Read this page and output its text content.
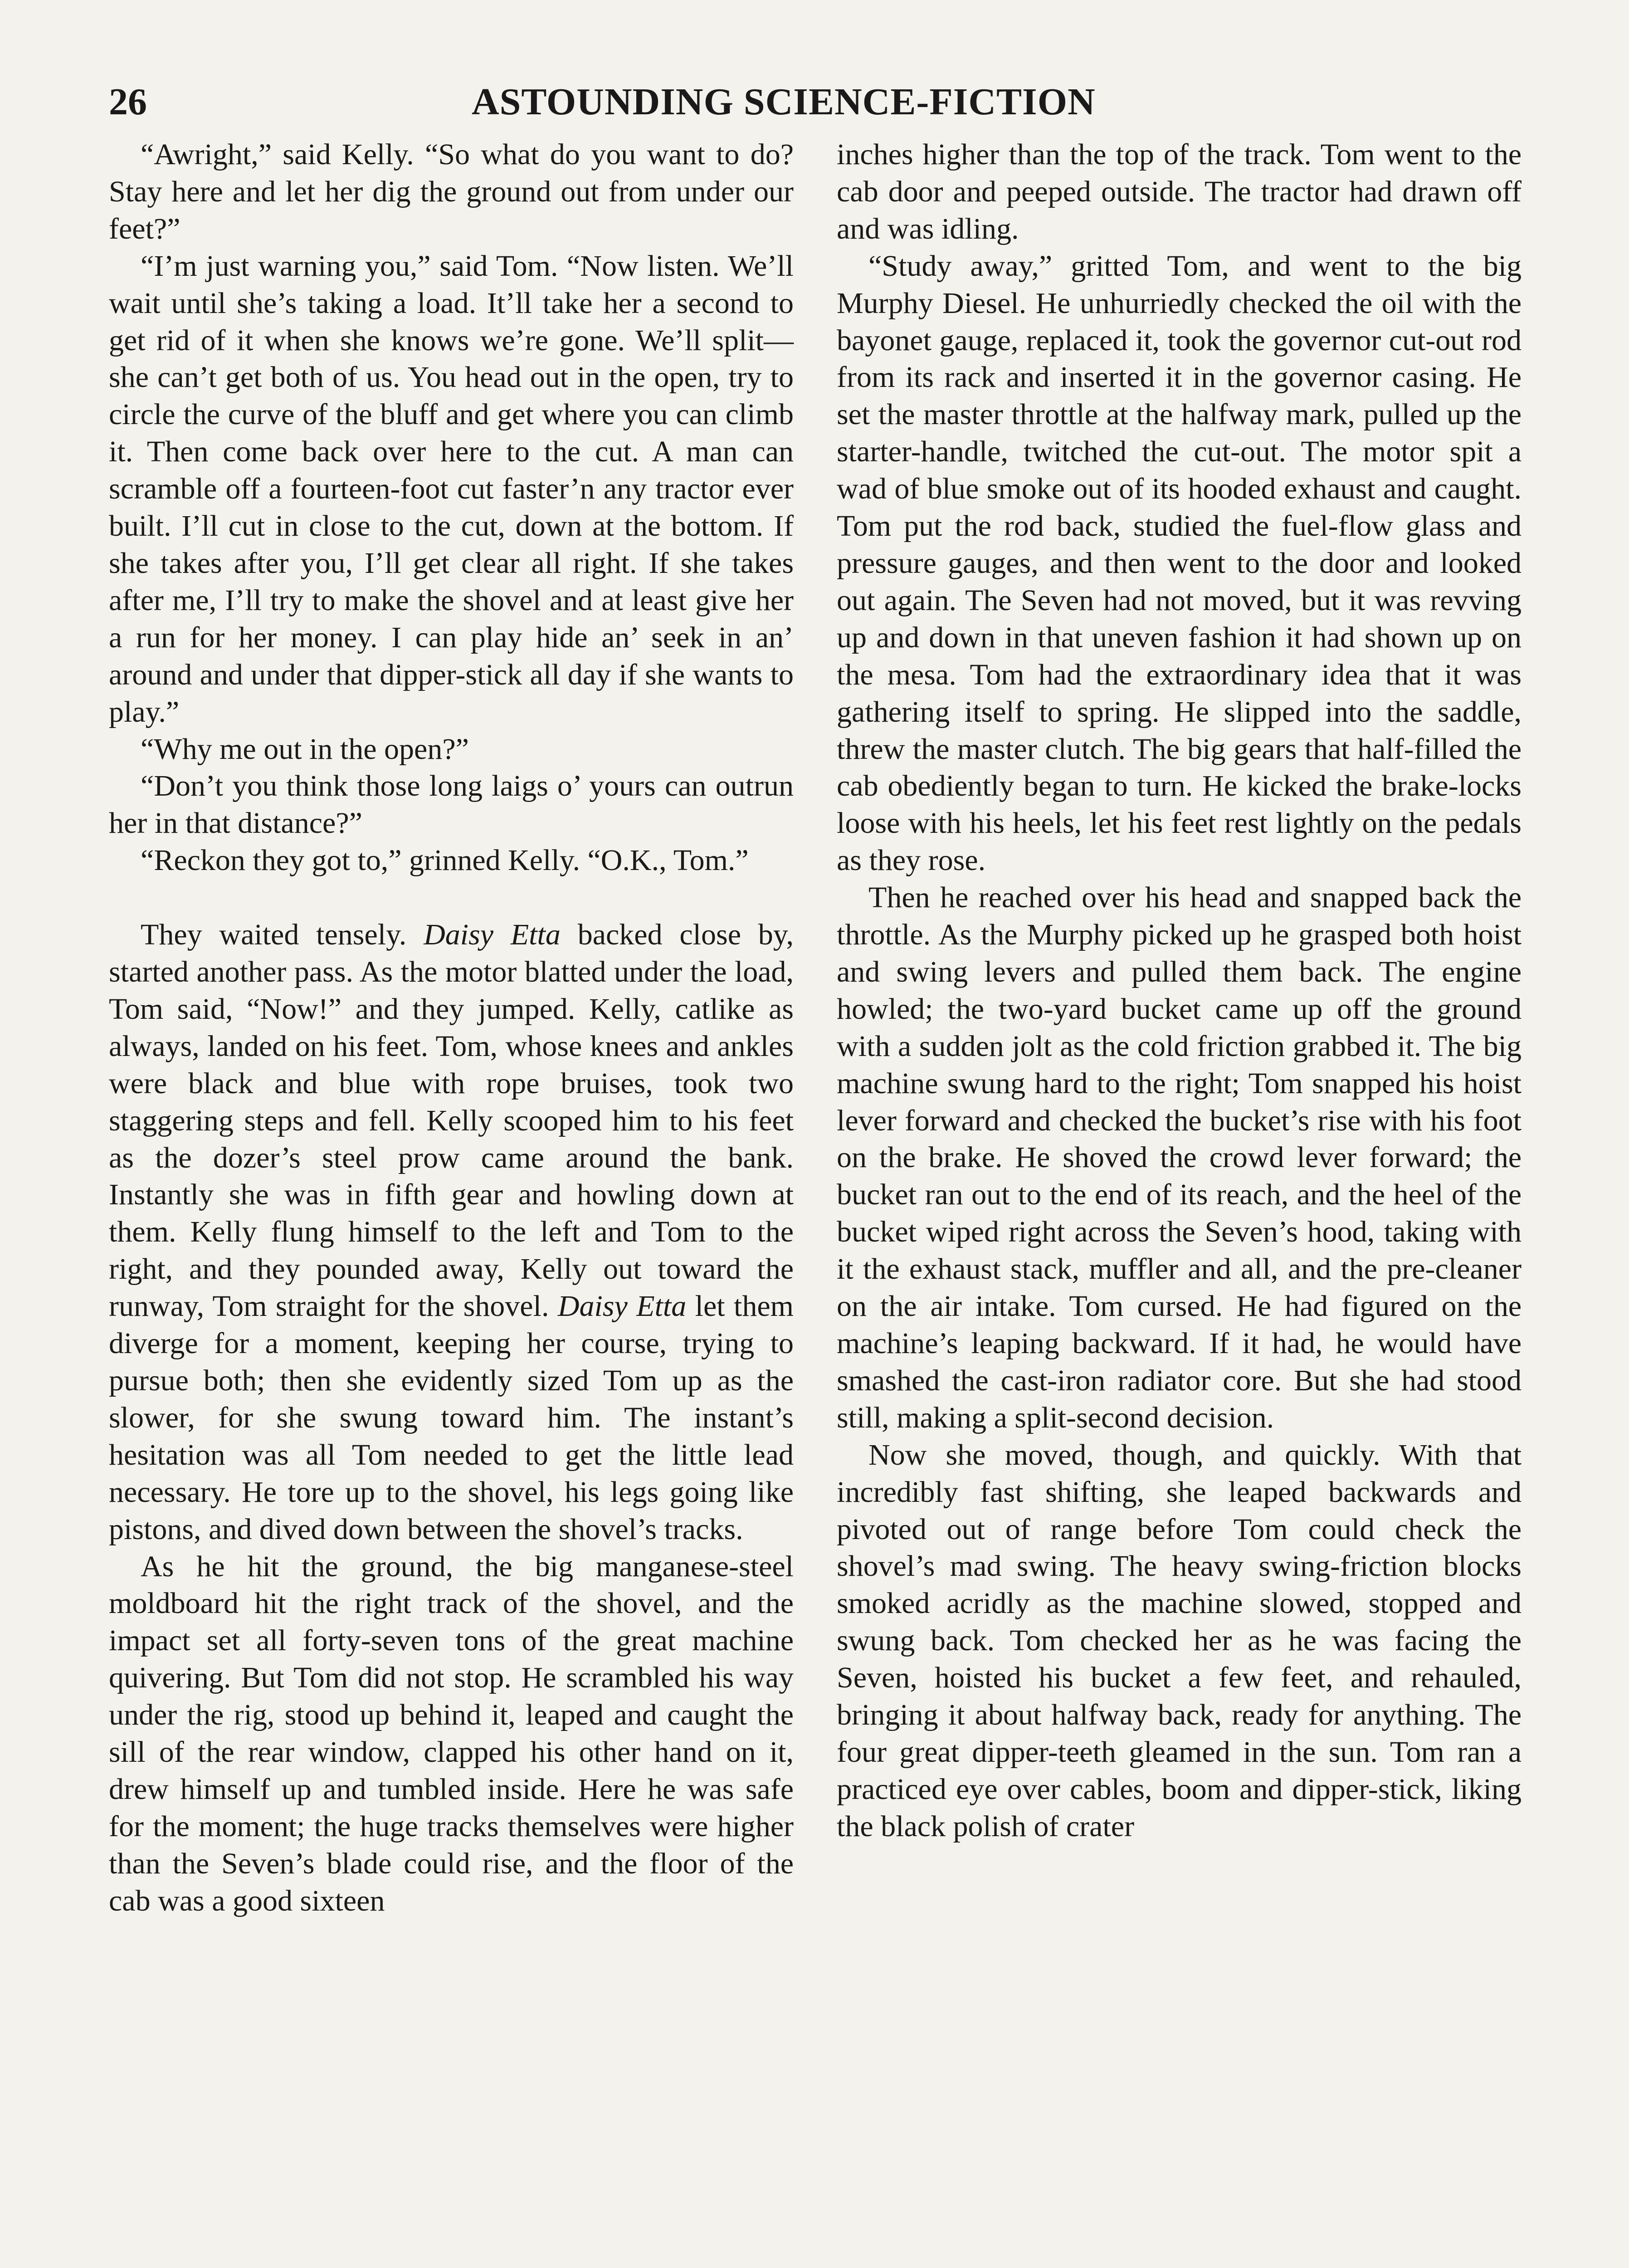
26	ASTOUNDING SCIENCE-FICTION

“Awright,” said Kelly. “So what do you want to do? Stay here and let her dig the ground out from under our feet?”

“I’m just warning you,” said Tom. “Now listen. We’ll wait until she’s taking a load. It’ll take her a second to get rid of it when she knows we’re gone. We’ll split—she can’t get both of us. You head out in the open, try to circle the curve of the bluff and get where you can climb it. Then come back over here to the cut. A man can scramble off a fourteen-foot cut faster’n any tractor ever built. I’ll cut in close to the cut, down at the bottom. If she takes after you, I’ll get clear all right. If she takes after me, I’ll try to make the shovel and at least give her a run for her money. I can play hide an’ seek in an’ around and under that dipper-stick all day if she wants to play.”

“Why me out in the open?”

“Don’t you think those long laigs o’ yours can outrun her in that distance?”

“Reckon they got to,” grinned Kelly. “O.K., Tom.”

They waited tensely. Daisy Etta backed close by, started another pass. As the motor blatted under the load, Tom said, “Now!” and they jumped. Kelly, catlike as always, landed on his feet. Tom, whose knees and ankles were black and blue with rope bruises, took two staggering steps and fell. Kelly scooped him to his feet as the dozer’s steel prow came around the bank. Instantly she was in fifth gear and howling down at them. Kelly flung himself to the left and Tom to the right, and they pounded away, Kelly out toward the runway, Tom straight for the shovel. Daisy Etta let them diverge for a moment, keeping her course, trying to pursue both; then she evidently sized Tom up as the slower, for she swung toward him. The instant’s hesitation was all Tom needed to get the little lead necessary. He tore up to the shovel, his legs going like pistons, and dived down between the shovel’s tracks.

As he hit the ground, the big manganese-steel moldboard hit the right track of the shovel, and the impact set all forty-seven tons of the great machine quivering. But Tom did not stop. He scrambled his way under the rig, stood up behind it, leaped and caught the sill of the rear window, clapped his other hand on it, drew himself up and tumbled inside. Here he was safe for the moment; the huge tracks themselves were higher than the Seven’s blade could rise, and the floor of the cab was a good sixteen

inches higher than the top of the track. Tom went to the cab door and peeped outside. The tractor had drawn off and was idling.

“Study away,” gritted Tom, and went to the big Murphy Diesel. He unhurriedly checked the oil with the bayonet gauge, replaced it, took the governor cut-out rod from its rack and inserted it in the governor casing. He set the master throttle at the halfway mark, pulled up the starter-handle, twitched the cut-out. The motor spit a wad of blue smoke out of its hooded exhaust and caught. Tom put the rod back, studied the fuel-flow glass and pressure gauges, and then went to the door and looked out again. The Seven had not moved, but it was revving up and down in that uneven fashion it had shown up on the mesa. Tom had the extraordinary idea that it was gathering itself to spring. He slipped into the saddle, threw the master clutch. The big gears that half-filled the cab obediently began to turn. He kicked the brake-locks loose with his heels, let his feet rest lightly on the pedals as they rose.

Then he reached over his head and snapped back the throttle. As the Murphy picked up he grasped both hoist and swing levers and pulled them back. The engine howled; the two-yard bucket came up off the ground with a sudden jolt as the cold friction grabbed it. The big machine swung hard to the right; Tom snapped his hoist lever forward and checked the bucket’s rise with his foot on the brake. He shoved the crowd lever forward; the bucket ran out to the end of its reach, and the heel of the bucket wiped right across the Seven’s hood, taking with it the exhaust stack, muffler and all, and the pre-cleaner on the air intake. Tom cursed. He had figured on the machine’s leaping backward. If it had, he would have smashed the cast-iron radiator core. But she had stood still, making a split-second decision.

Now she moved, though, and quickly. With that incredibly fast shifting, she leaped backwards and pivoted out of range before Tom could check the shovel’s mad swing. The heavy swing-friction blocks smoked acridly as the machine slowed, stopped and swung back. Tom checked her as he was facing the Seven, hoisted his bucket a few feet, and rehauled, bringing it about halfway back, ready for anything. The four great dipper-teeth gleamed in the sun. Tom ran a practiced eye over cables, boom and dipper-stick, liking the black polish of crater
